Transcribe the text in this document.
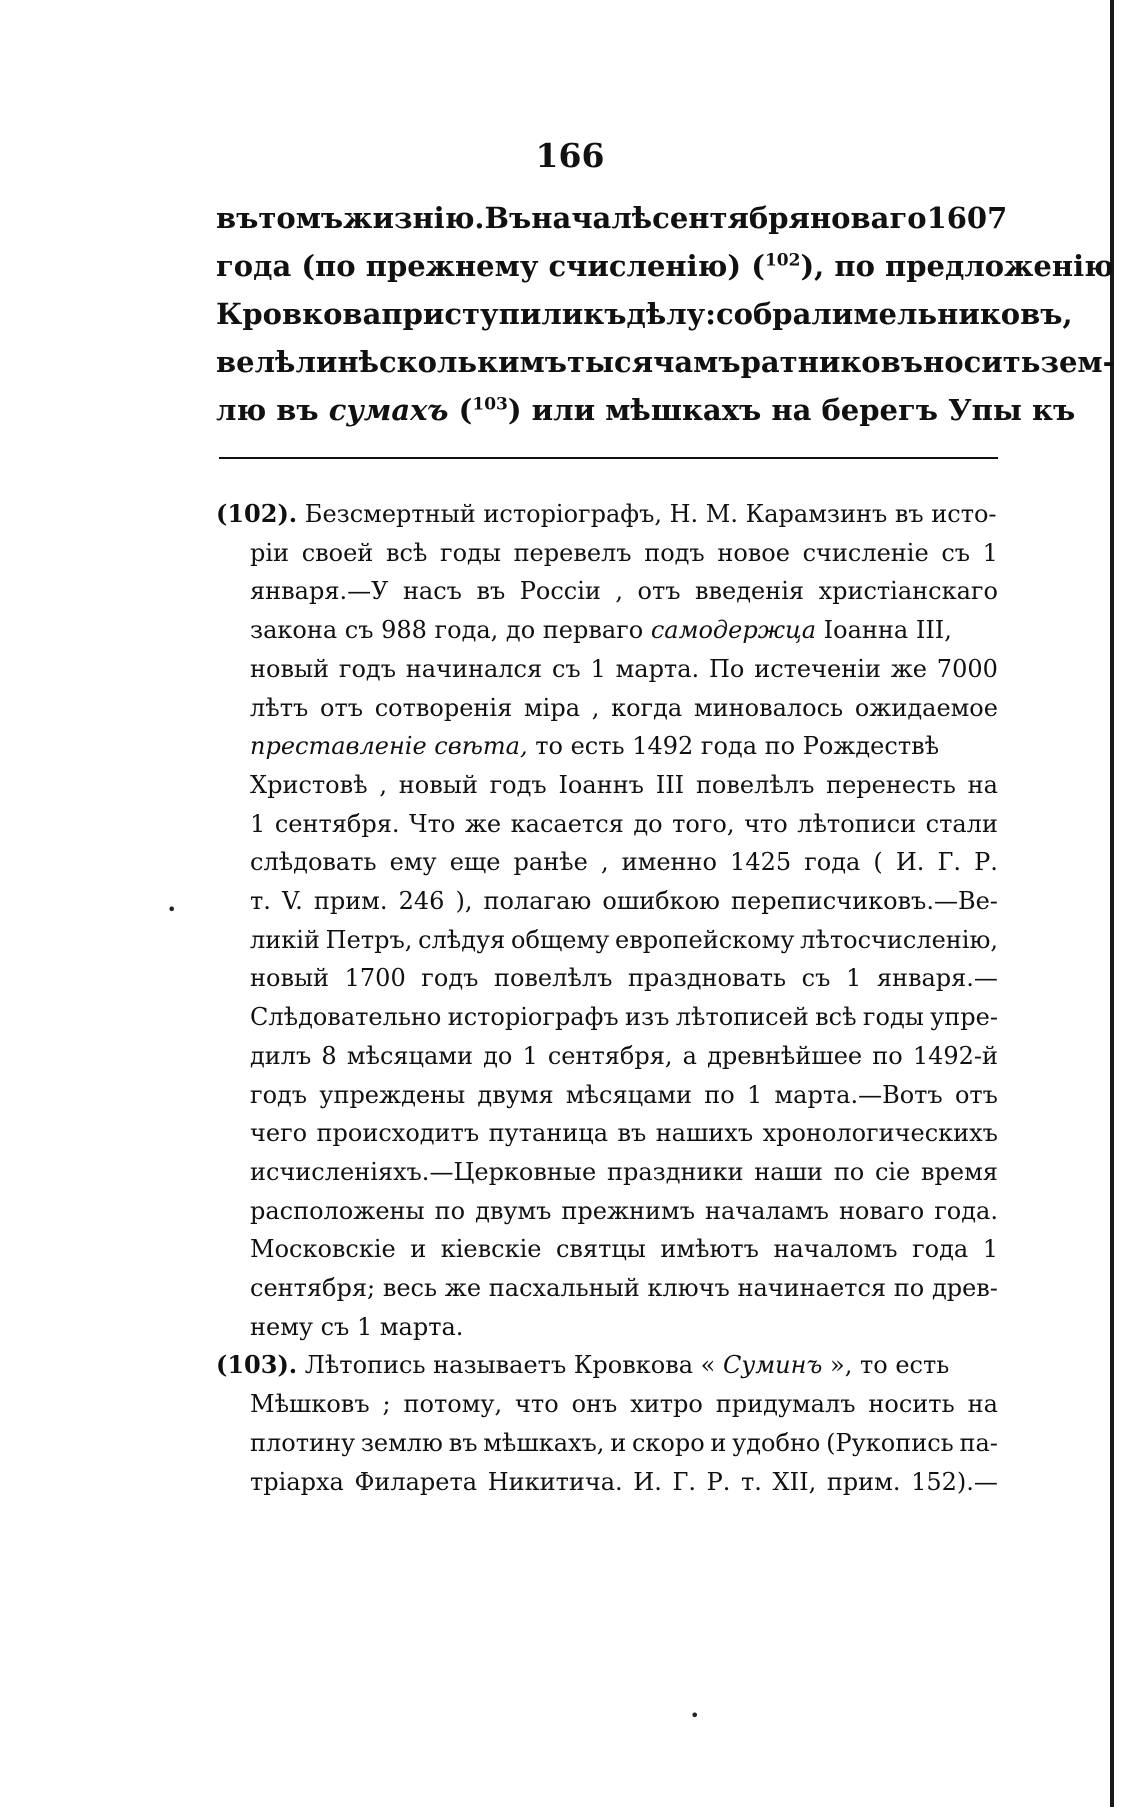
166
въ томъ жизнію. Въ началѣ сентября новаго 1607
года (по прежнему счисленію) ($^{102}$), по предложенію
Кровкова приступили къ дѣлу : собрали мельниковъ ,
велѣли нѣсколькимъ тысячамъ ратниковъ носить зем-
лю въ сумахъ ($^{103}$) или мѣшкахъ на берегъ Упы къ
(102). Безсмертный исторіографъ, Н. М. Карамзинъ въ исто-
ріи своей всѣ годы перевелъ подъ новое счисленіе съ 1
января.—У насъ въ Россіи , отъ введенія христіанскаго
закона съ 988 года, до перваго самодержца Іоанна III,
новый годъ начинался съ 1 марта. По истеченіи же 7000
лѣтъ отъ сотворенія міра , когда миновалось ожидаемое
преставленіе свѣта, то есть 1492 года по Рождествѣ
Христовѣ , новый годъ Іоаннъ III повелѣлъ перенесть на
1 сентября. Что же касается до того, что лѣтописи стали
слѣдовать ему еще ранѣе , именно 1425 года ( И. Г. Р.
т. V. прим. 246 ), полагаю ошибкою переписчиковъ.—Ве-
ликій Петръ, слѣдуя общему европейскому лѣтосчисленію,
новый 1700 годъ повелѣлъ праздновать съ 1 января.—
Слѣдовательно исторіографъ изъ лѣтописей всѣ годы упре-
дилъ 8 мѣсяцами до 1 сентября, а древнѣйшее по 1492-й
годъ упреждены двумя мѣсяцами по 1 марта.—Вотъ отъ
чего происходитъ путаница въ нашихъ хронологическихъ
исчисленіяхъ.—Церковные праздники наши по сіе время
расположены по двумъ прежнимъ началамъ новаго года.
Московскіе и кіевскіе святцы имѣютъ началомъ года 1
сентября; весь же пасхальный ключъ начинается по древ-
нему съ 1 марта.
(103). Лѣтопись называетъ Кровкова « Суминъ », то есть
Мѣшковъ ; потому, что онъ хитро придумалъ носить на
плотину землю въ мѣшкахъ, и скоро и удобно (Рукопись па-
тріарха Филарета Никитича. И. Г. Р. т. XII, прим. 152).—
•
•
